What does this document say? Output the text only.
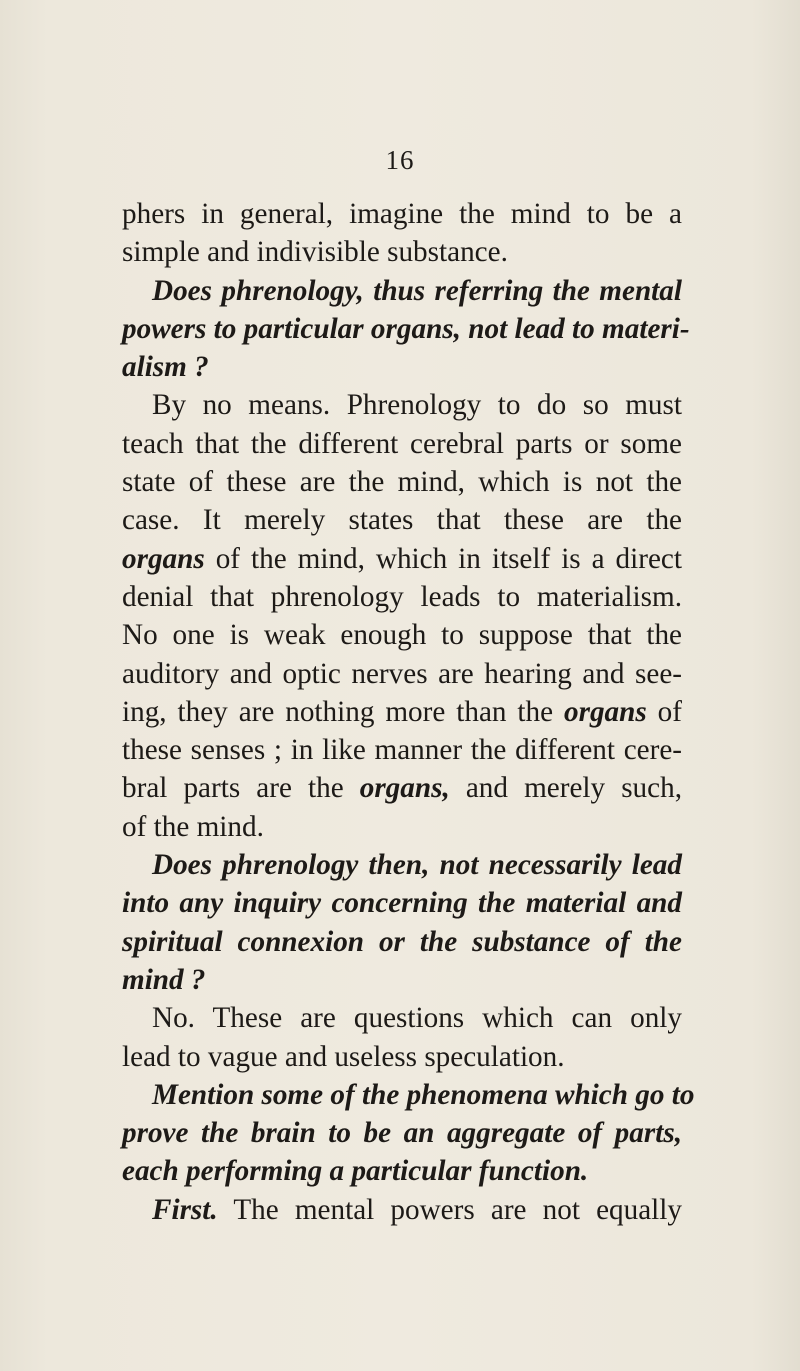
16
phers in general, imagine the mind to be a
simple and indivisible substance.
Does phrenology, thus referring the mental
powers to particular organs, not lead to materi-
alism ?
By no means. Phrenology to do so must
teach that the different cerebral parts or some
state of these are the mind, which is not the
case. It merely states that these are the
organs of the mind, which in itself is a direct
denial that phrenology leads to materialism.
No one is weak enough to suppose that the
auditory and optic nerves are hearing and see-
ing, they are nothing more than the organs of
these senses ; in like manner the different cere-
bral parts are the organs, and merely such,
of the mind.
Does phrenology then, not necessarily lead
into any inquiry concerning the material and
spiritual connexion or the substance of the
mind ?
No. These are questions which can only
lead to vague and useless speculation.
Mention some of the phenomena which go to
prove the brain to be an aggregate of parts,
each performing a particular function.
First. The mental powers are not equally
